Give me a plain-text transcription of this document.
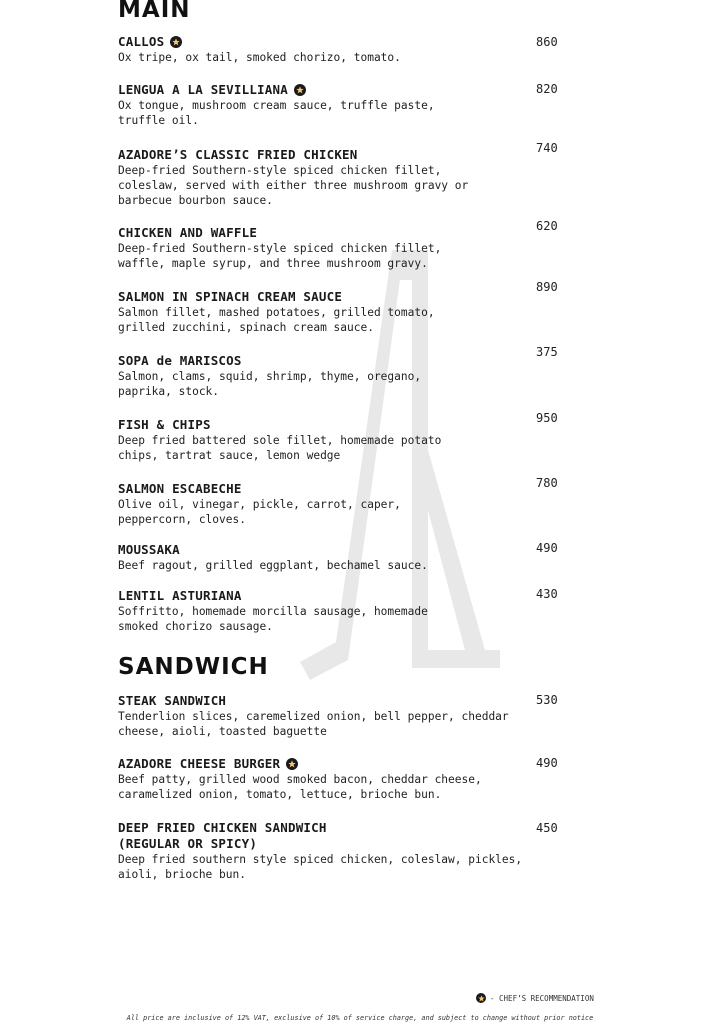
MAIN
CALLOS
Ox tripe, ox tail, smoked chorizo, tomato.
860
LENGUA A LA SEVILLIANA
Ox tongue, mushroom cream sauce, truffle paste,
truffle oil.
820
AZADORE’S CLASSIC FRIED CHICKEN
Deep-fried Southern-style spiced chicken fillet,
coleslaw, served with either three mushroom gravy or
barbecue bourbon sauce.
740
CHICKEN AND WAFFLE
Deep-fried Southern-style spiced chicken fillet,
waffle, maple syrup, and three mushroom gravy.
620
SALMON IN SPINACH CREAM SAUCE
Salmon fillet, mashed potatoes, grilled tomato,
grilled zucchini, spinach cream sauce.
890
SOPA de MARISCOS
Salmon, clams, squid, shrimp, thyme, oregano,
paprika, stock.
375
FISH & CHIPS
Deep fried battered sole fillet, homemade potato
chips, tartrat sauce, lemon wedge
950
SALMON ESCABECHE
Olive oil, vinegar, pickle, carrot, caper,
peppercorn, cloves.
780
MOUSSAKA
Beef ragout, grilled eggplant, bechamel sauce.
490
LENTIL ASTURIANA
Soffritto, homemade morcilla sausage, homemade
smoked chorizo sausage.
430
SANDWICH
STEAK SANDWICH
Tenderlion slices, caremelized onion, bell pepper, cheddar
cheese, aioli, toasted baguette
530
AZADORE CHEESE BURGER
Beef patty, grilled wood smoked bacon, cheddar cheese,
caramelized onion, tomato, lettuce, brioche bun.
490
DEEP FRIED CHICKEN SANDWICH
(REGULAR OR SPICY)
Deep fried southern style spiced chicken, coleslaw, pickles,
aioli, brioche bun.
450
- CHEF’S RECOMMENDATION
All price are inclusive of 12% VAT, exclusive of 10% of service charge, and subject to change without prior notice
